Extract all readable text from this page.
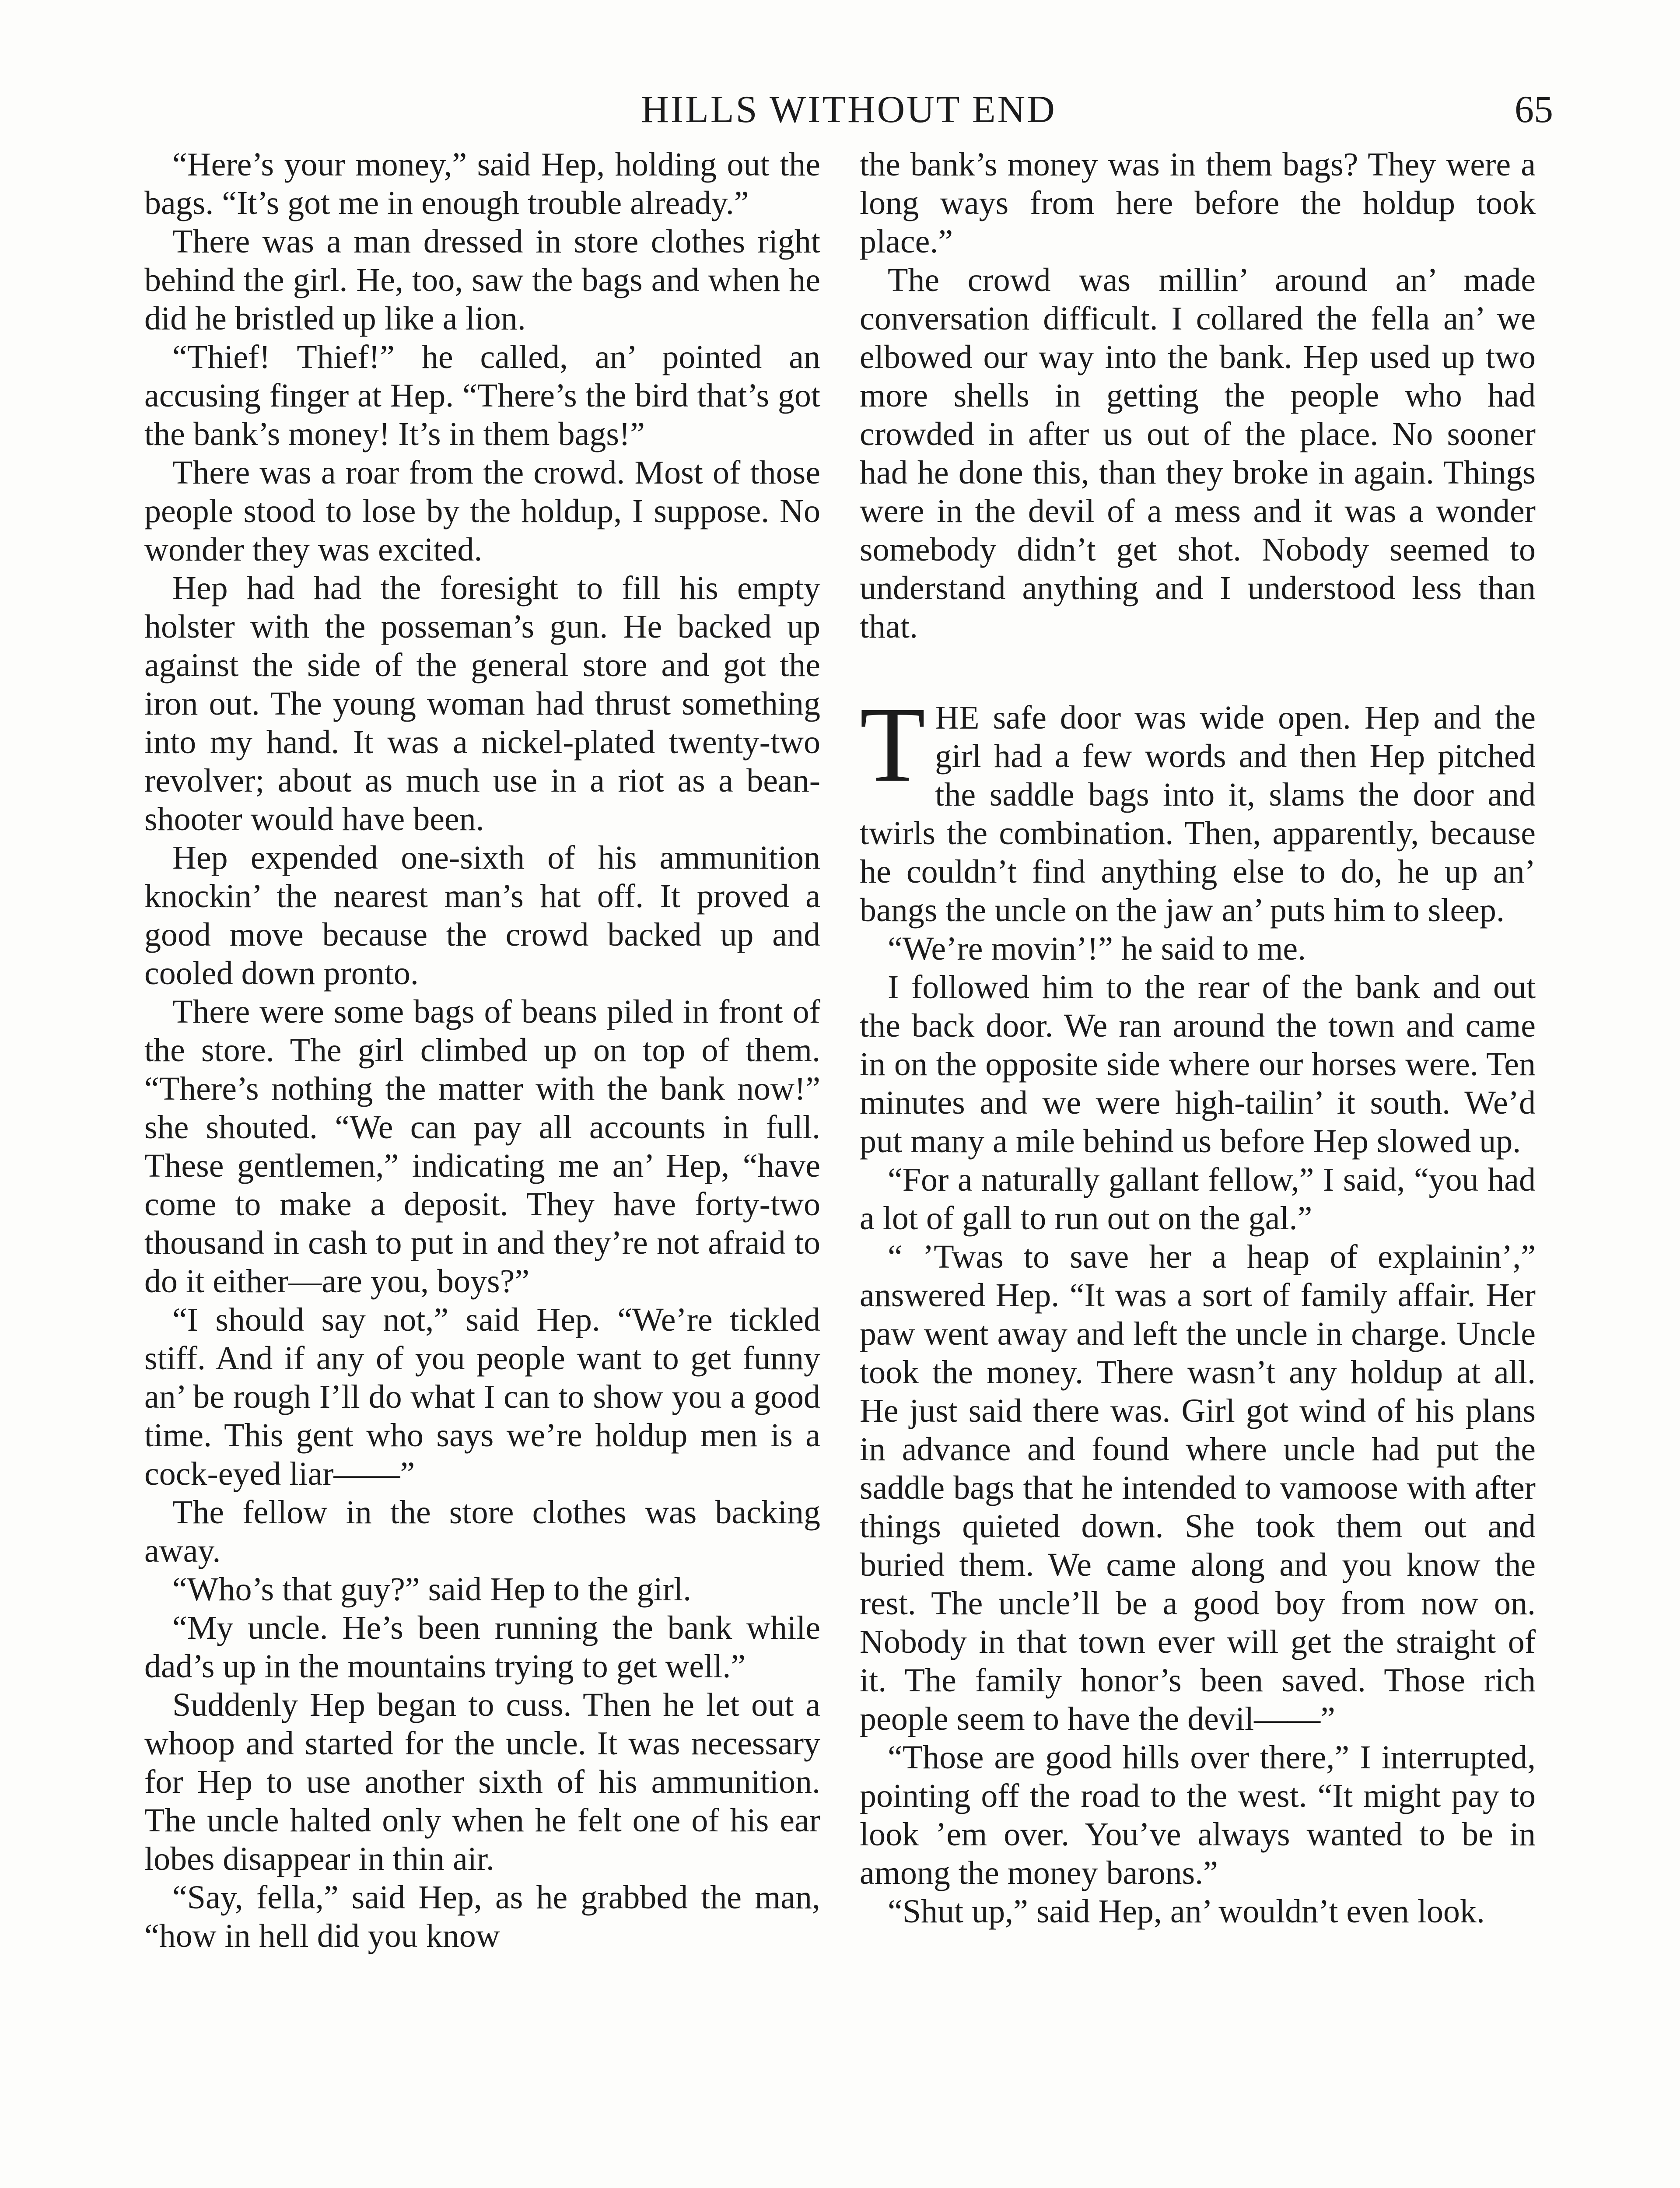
HILLS WITHOUT END	65

“Here’s your money,” said Hep, holding out the bags. “It’s got me in enough trouble already.”

There was a man dressed in store clothes right behind the girl. He, too, saw the bags and when he did he bristled up like a lion.

“Thief! Thief!” he called, an’ pointed an accusing finger at Hep. “There’s the bird that’s got the bank’s money! It’s in them bags!”

There was a roar from the crowd. Most of those people stood to lose by the holdup, I suppose. No wonder they was excited.

Hep had had the foresight to fill his empty holster with the posseman’s gun. He backed up against the side of the general store and got the iron out. The young woman had thrust something into my hand. It was a nickel-plated twenty-two revolver; about as much use in a riot as a bean-shooter would have been.

Hep expended one-sixth of his ammunition knockin’ the nearest man’s hat off. It proved a good move because the crowd backed up and cooled down pronto.

There were some bags of beans piled in front of the store. The girl climbed up on top of them. “There’s nothing the matter with the bank now!” she shouted. “We can pay all accounts in full. These gentlemen,” indicating me an’ Hep, “have come to make a deposit. They have forty-two thousand in cash to put in and they’re not afraid to do it either—are you, boys?”

“I should say not,” said Hep. “We’re tickled stiff. And if any of you people want to get funny an’ be rough I’ll do what I can to show you a good time. This gent who says we’re holdup men is a cock-eyed liar——”

The fellow in the store clothes was backing away.

“Who’s that guy?” said Hep to the girl.

“My uncle. He’s been running the bank while dad’s up in the mountains trying to get well.”

Suddenly Hep began to cuss. Then he let out a whoop and started for the uncle. It was necessary for Hep to use another sixth of his ammunition. The uncle halted only when he felt one of his ear lobes disappear in thin air.

“Say, fella,” said Hep, as he grabbed the man, “how in hell did you know

the bank’s money was in them bags? They were a long ways from here before the holdup took place.”

The crowd was millin’ around an’ made conversation difficult. I collared the fella an’ we elbowed our way into the bank. Hep used up two more shells in getting the people who had crowded in after us out of the place. No sooner had he done this, than they broke in again. Things were in the devil of a mess and it was a wonder somebody didn’t get shot. Nobody seemed to understand anything and I understood less than that.

THE safe door was wide open. Hep and the girl had a few words and then Hep pitched the saddle bags into it, slams the door and twirls the combination. Then, apparently, because he couldn’t find anything else to do, he up an’ bangs the uncle on the jaw an’ puts him to sleep.

“We’re movin’!” he said to me.

I followed him to the rear of the bank and out the back door. We ran around the town and came in on the opposite side where our horses were. Ten minutes and we were high-tailin’ it south. We’d put many a mile behind us before Hep slowed up.

“For a naturally gallant fellow,” I said, “you had a lot of gall to run out on the gal.”

“ ’Twas to save her a heap of explainin’,” answered Hep. “It was a sort of family affair. Her paw went away and left the uncle in charge. Uncle took the money. There wasn’t any holdup at all. He just said there was. Girl got wind of his plans in advance and found where uncle had put the saddle bags that he intended to vamoose with after things quieted down. She took them out and buried them. We came along and you know the rest. The uncle’ll be a good boy from now on. Nobody in that town ever will get the straight of it. The family honor’s been saved. Those rich people seem to have the devil——”

“Those are good hills over there,” I interrupted, pointing off the road to the west. “It might pay to look ’em over. You’ve always wanted to be in among the money barons.”

“Shut up,” said Hep, an’ wouldn’t even look.
